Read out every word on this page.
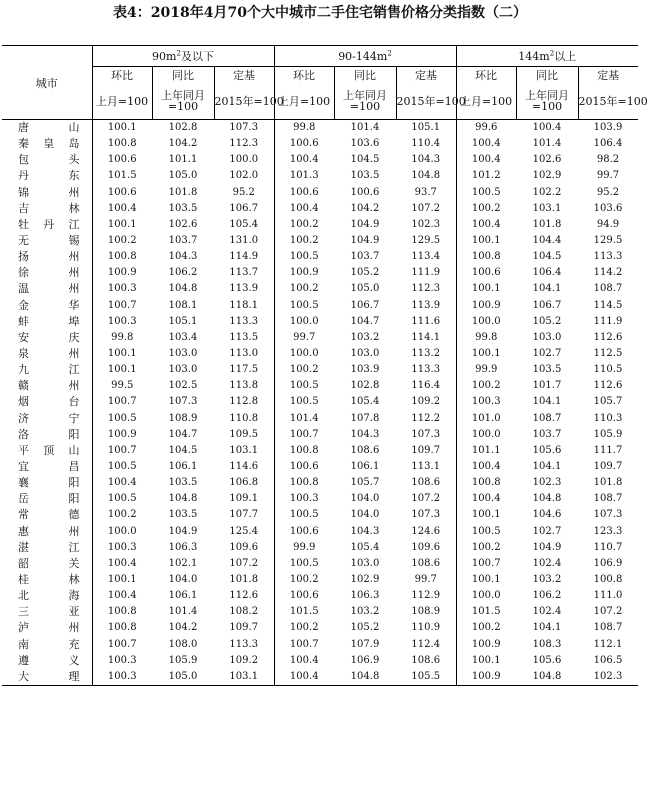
表4：2018年4月70个大中城市二手住宅销售价格分类指数（二）
城市	$90m^2$及以下			$90-144m^2$			$144m^2$以上		
	环比	同比	定基	环比	同比	定基	环比	同比	定基
	上月=100	上年同月=100	2015年=100	上月=100	上年同月=100	2015年=100	上月=100	上年同月=100	2015年=100
唐山	100.1	102.8	107.3	99.8	101.4	105.1	99.6	100.4	103.9
秦皇岛	100.8	104.2	112.3	100.6	103.6	110.4	100.4	101.4	106.4
包头	100.6	101.1	100.0	100.4	104.5	104.3	100.4	102.6	98.2
丹东	101.5	105.0	102.0	101.3	103.5	104.8	101.2	102.9	99.7
锦州	100.6	101.8	95.2	100.6	100.6	93.7	100.5	102.2	95.2
吉林	100.4	103.5	106.7	100.4	104.2	107.2	100.2	103.1	103.6
牡丹江	100.1	102.6	105.4	100.2	104.9	102.3	100.4	101.8	94.9
无锡	100.2	103.7	131.0	100.2	104.9	129.5	100.1	104.4	129.5
扬州	100.8	104.3	114.9	100.5	103.7	113.4	100.8	104.5	113.3
徐州	100.9	106.2	113.7	100.9	105.2	111.9	100.6	106.4	114.2
温州	100.3	104.8	113.9	100.2	105.0	112.3	100.1	104.1	108.7
金华	100.7	108.1	118.1	100.5	106.7	113.9	100.9	106.7	114.5
蚌埠	100.3	105.1	113.3	100.0	104.7	111.6	100.0	105.2	111.9
安庆	99.8	103.4	113.5	99.7	103.2	114.1	99.8	103.0	112.6
泉州	100.1	103.0	113.0	100.0	103.0	113.2	100.1	102.7	112.5
九江	100.1	103.0	117.5	100.2	103.9	113.3	99.9	103.5	110.5
赣州	99.5	102.5	113.8	100.5	102.8	116.4	100.2	101.7	112.6
烟台	100.7	107.3	112.8	100.5	105.4	109.2	100.3	104.1	105.7
济宁	100.5	108.9	110.8	101.4	107.8	112.2	101.0	108.7	110.3
洛阳	100.9	104.7	109.5	100.7	104.3	107.3	100.0	103.7	105.9
平顶山	100.7	104.5	103.1	100.8	108.6	109.7	101.1	105.6	111.7
宜昌	100.5	106.1	114.6	100.6	106.1	113.1	100.4	104.1	109.7
襄阳	100.4	103.5	106.8	100.8	105.7	108.6	100.8	102.3	101.8
岳阳	100.5	104.8	109.1	100.3	104.0	107.2	100.4	104.8	108.7
常德	100.2	103.5	107.7	100.5	104.0	107.3	100.1	104.6	107.3
惠州	100.0	104.9	125.4	100.6	104.3	124.6	100.5	102.7	123.3
湛江	100.3	106.3	109.6	99.9	105.4	109.6	100.2	104.9	110.7
韶关	100.4	102.1	107.2	100.5	103.0	108.6	100.7	102.4	106.9
桂林	100.1	104.0	101.8	100.2	102.9	99.7	100.1	103.2	100.8
北海	100.4	106.1	112.6	100.6	106.3	112.9	100.0	106.2	111.0
三亚	100.8	101.4	108.2	101.5	103.2	108.9	101.5	102.4	107.2
泸州	100.8	104.2	109.7	100.2	105.2	110.9	100.2	104.1	108.7
南充	100.7	108.0	113.3	100.7	107.9	112.4	100.9	108.3	112.1
遵义	100.3	105.9	109.2	100.4	106.9	108.6	100.1	105.6	106.5
大理	100.3	105.0	103.1	100.4	104.8	105.5	100.9	104.8	102.3
